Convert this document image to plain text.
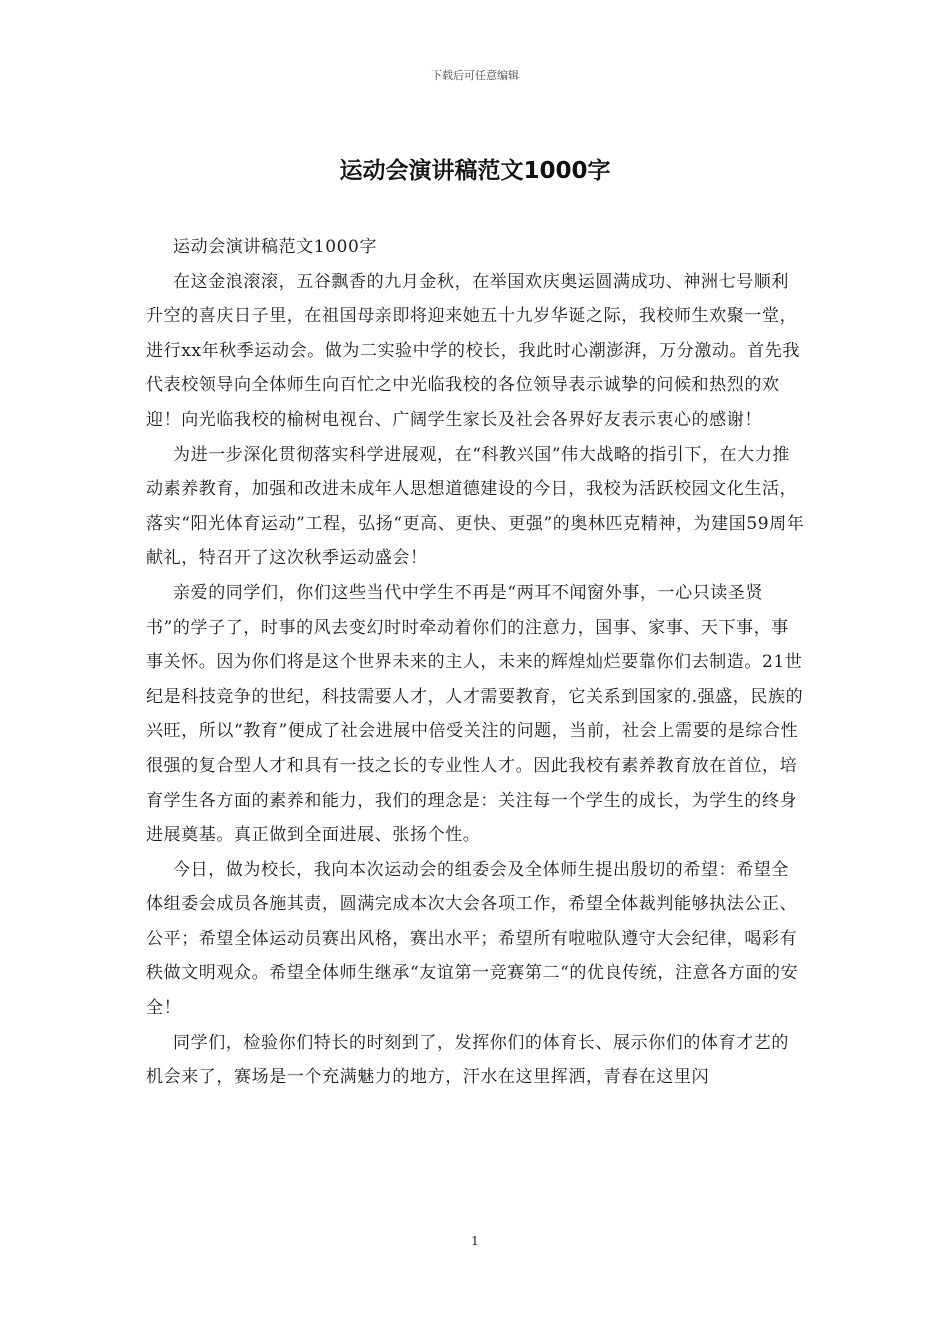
下载后可任意编辑
运动会演讲稿范文1000字

运动会演讲稿范文1000字

在这金浪滚滚，五谷飘香的九月金秋，在举国欢庆奥运圆满成功、神洲七号顺利升空的喜庆日子里，在祖国母亲即将迎来她五十九岁华诞之际，我校师生欢聚一堂，进行xx年秋季运动会。做为二实验中学的校长，我此时心潮澎湃，万分激动。首先我代表校领导向全体师生向百忙之中光临我校的各位领导表示诚挚的问候和热烈的欢迎！向光临我校的榆树电视台、广阔学生家长及社会各界好友表示衷心的感谢！

为进一步深化贯彻落实科学进展观，在“科教兴国”伟大战略的指引下，在大力推动素养教育，加强和改进未成年人思想道德建设的今日，我校为活跃校园文化生活，落实“阳光体育运动”工程，弘扬“更高、更快、更强”的奥林匹克精神，为建国59周年献礼，特召开了这次秋季运动盛会！

亲爱的同学们，你们这些当代中学生不再是“两耳不闻窗外事，一心只读圣贤书”的学子了，时事的风去变幻时时牵动着你们的注意力，国事、家事、天下事，事事关怀。因为你们将是这个世界未来的主人，未来的辉煌灿烂要靠你们去制造。21世纪是科技竞争的世纪，科技需要人才，人才需要教育，它关系到国家的.强盛，民族的兴旺，所以“教育”便成了社会进展中倍受关注的问题，当前，社会上需要的是综合性很强的复合型人才和具有一技之长的专业性人才。因此我校有素养教育放在首位，培育学生各方面的素养和能力，我们的理念是：关注每一个学生的成长，为学生的终身进展奠基。真正做到全面进展、张扬个性。

今日，做为校长，我向本次运动会的组委会及全体师生提出殷切的希望：希望全体组委会成员各施其责，圆满完成本次大会各项工作，希望全体裁判能够执法公正、公平；希望全体运动员赛出风格，赛出水平；希望所有啦啦队遵守大会纪律，喝彩有秩做文明观众。希望全体师生继承“友谊第一竞赛第二“的优良传统，注意各方面的安全！

同学们，检验你们特长的时刻到了，发挥你们的体育长、展示你们的体育才艺的机会来了，赛场是一个充满魅力的地方，汗水在这里挥洒，青春在这里闪

1
